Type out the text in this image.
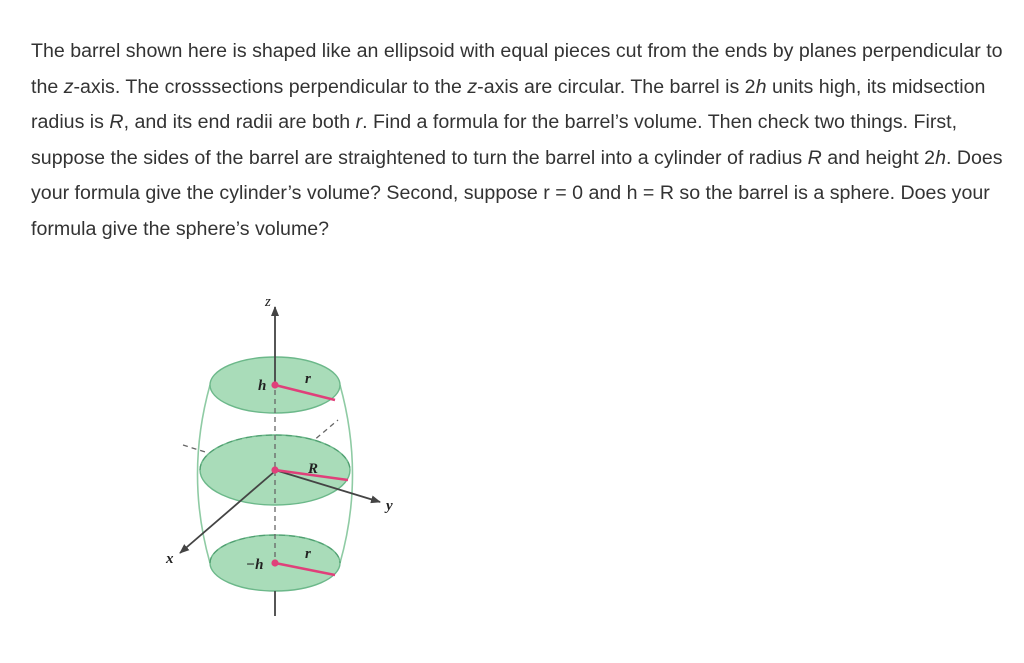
The barrel shown here is shaped like an ellipsoid with equal pieces cut from the ends by planes perpendicular to the z-axis. The crosssections perpendicular to the z-axis are circular. The barrel is 2h units high, its midsection radius is R, and its end radii are both r. Find a formula for the barrel’s volume. Then check two things. First, suppose the sides of the barrel are straightened to turn the barrel into a cylinder of radius R and height 2h. Does your formula give the cylinder’s volume? Second, suppose r = 0 and h = R so the barrel is a sphere. Does your formula give the sphere’s volume?

z
y
x
h
−h
r
r
R
